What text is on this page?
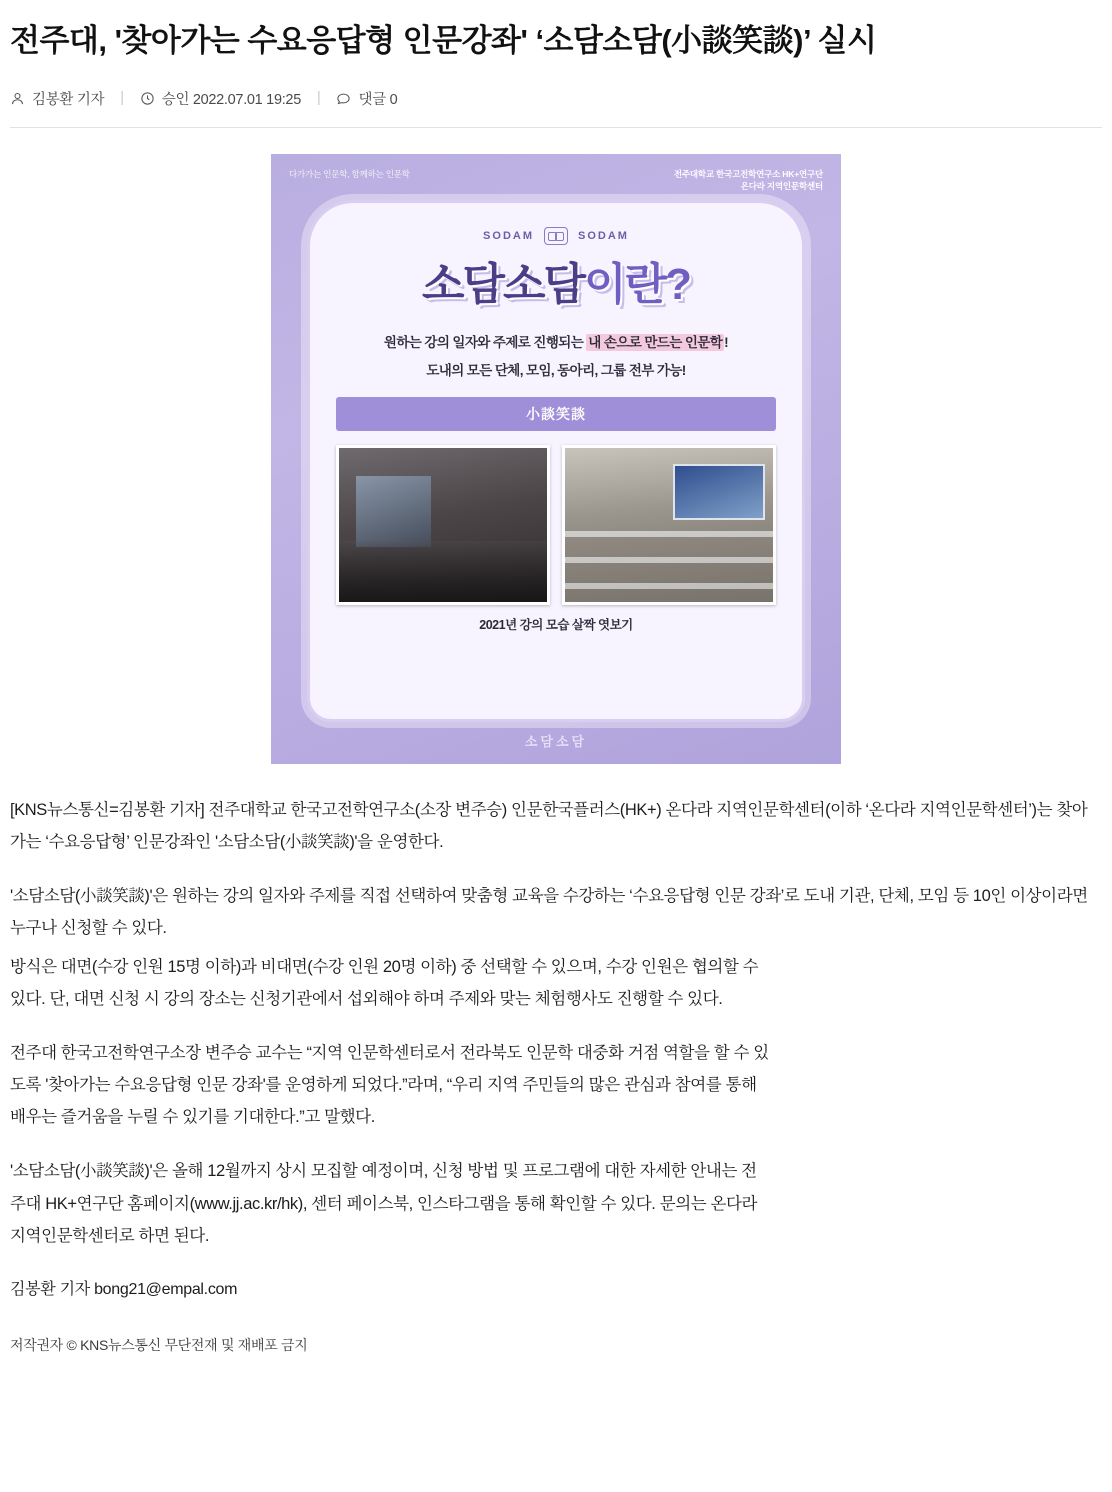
전주대, '찾아가는 수요응답형 인문강좌' ‘소담소담(小談笑談)’ 실시
김봉환 기자 |	승인 2022.07.01 19:25 |	댓글 0
다가가는 인문학, 함께하는 인문학	전주대학교 한국고전학연구소 HK+연구단
온다라 지역인문학센터
SODAM	SODAM
소담소담이란?
원하는 강의 일자와 주제로 진행되는 내 손으로 만드는 인문학 !
도내의 모든 단체, 모임, 동아리, 그룹 전부 가능!
小談笑談
2021년 강의 모습 살짝 엿보기
소담소담

[KNS뉴스통신=김봉환 기자] 전주대학교 한국고전학연구소(소장 변주승) 인문한국플러스(HK+) 온다라 지역인문학센터(이하 ‘온다라 지역인문학센터’)는 찾아가는 ‘수요응답형’ 인문강좌인 '소담소담(小談笑談)'을 운영한다.

'소담소담(小談笑談)'은 원하는 강의 일자와 주제를 직접 선택하여 맞춤형 교육을 수강하는 ‘수요응답형 인문 강좌’로 도내 기관, 단체, 모임 등 10인 이상이라면 누구나 신청할 수 있다.

방식은 대면(수강 인원 15명 이하)과 비대면(수강 인원 20명 이하) 중 선택할 수 있으며, 수강 인원은 협의할 수 있다. 단, 대면 신청 시 강의 장소는 신청기관에서 섭외해야 하며 주제와 맞는 체험행사도 진행할 수 있다.

전주대 한국고전학연구소장 변주승 교수는 “지역 인문학센터로서 전라북도 인문학 대중화 거점 역할을 할 수 있도록 '찾아가는 수요응답형 인문 강좌'를 운영하게 되었다.”라며, “우리 지역 주민들의 많은 관심과 참여를 통해 배우는 즐거움을 누릴 수 있기를 기대한다.”고 말했다.

'소담소담(小談笑談)'은 올해 12월까지 상시 모집할 예정이며, 신청 방법 및 프로그램에 대한 자세한 안내는 전주대 HK+연구단 홈페이지(www.jj.ac.kr/hk), 센터 페이스북, 인스타그램을 통해 확인할 수 있다. 문의는 온다라 지역인문학센터로 하면 된다.

김봉환 기자 bong21@empal.com

저작권자 © KNS뉴스통신 무단전재 및 재배포 금지
